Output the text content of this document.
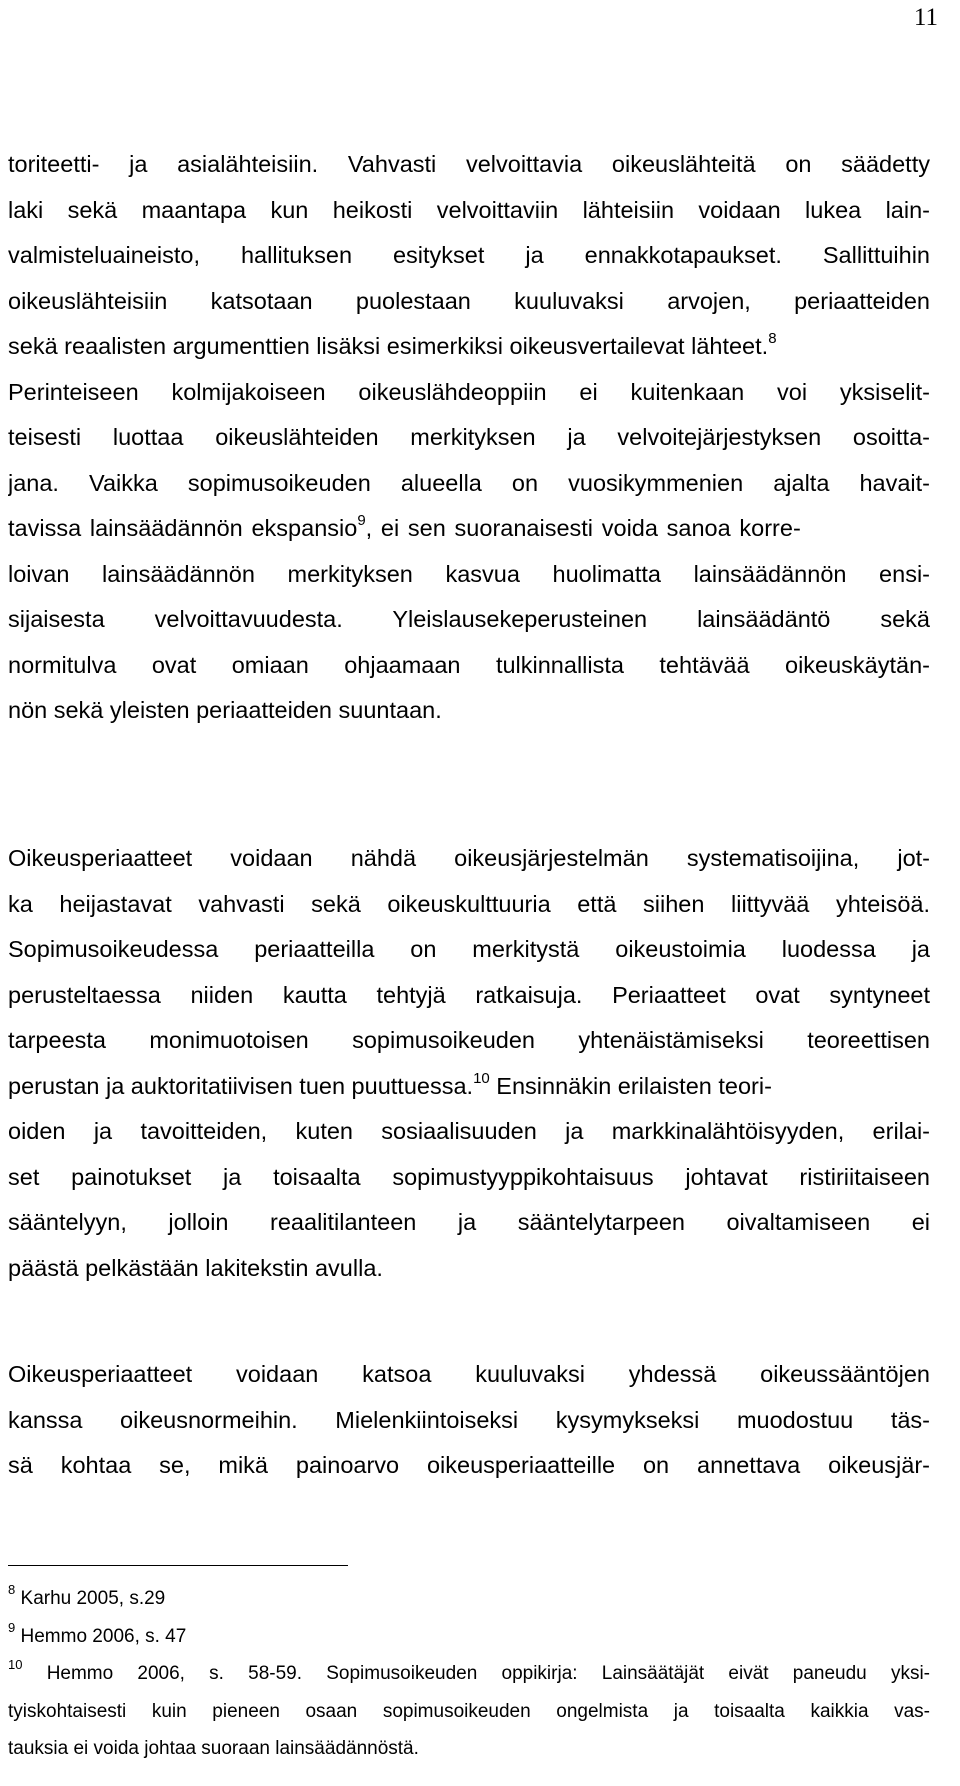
11
toriteetti- ja asialähteisiin. Vahvasti velvoittavia oikeuslähteitä on säädetty
laki sekä maantapa kun heikosti velvoittaviin lähteisiin voidaan lukea lain-
valmisteluaineisto, hallituksen esitykset ja ennakkotapaukset. Sallittuihin
oikeuslähteisiin katsotaan puolestaan kuuluvaksi arvojen, periaatteiden
sekä reaalisten argumenttien lisäksi esimerkiksi oikeusvertailevat lähteet.$^8$
Perinteiseen kolmijakoiseen oikeuslähdeoppiin ei kuitenkaan voi yksiselit-
teisesti luottaa oikeuslähteiden merkityksen ja velvoitejärjestyksen osoitta-
jana. Vaikka sopimusoikeuden alueella on vuosikymmenien ajalta havait-
tavissa lainsäädännön ekspansio$^9$, ei sen suoranaisesti voida sanoa korre-
loivan lainsäädännön merkityksen kasvua huolimatta lainsäädännön ensi-
sijaisesta velvoittavuudesta. Yleislausekeperusteinen lainsäädäntö sekä
normitulva ovat omiaan ohjaamaan tulkinnallista tehtävää oikeuskäytän-
nön sekä yleisten periaatteiden suuntaan.
Oikeusperiaatteet voidaan nähdä oikeusjärjestelmän systematisoijina, jot-
ka heijastavat vahvasti sekä oikeuskulttuuria että siihen liittyvää yhteisöä.
Sopimusoikeudessa periaatteilla on merkitystä oikeustoimia luodessa ja
perusteltaessa niiden kautta tehtyjä ratkaisuja. Periaatteet ovat syntyneet
tarpeesta monimuotoisen sopimusoikeuden yhtenäistämiseksi teoreettisen
perustan ja auktoritatiivisen tuen puuttuessa.$^{10}$ Ensinnäkin erilaisten teori-
oiden ja tavoitteiden, kuten sosiaalisuuden ja markkinalähtöisyyden, erilai-
set painotukset ja toisaalta sopimustyyppikohtaisuus johtavat ristiriitaiseen
sääntelyyn, jolloin reaalitilanteen ja sääntelytarpeen oivaltamiseen ei
päästä pelkästään lakitekstin avulla.
Oikeusperiaatteet voidaan katsoa kuuluvaksi yhdessä oikeussääntöjen
kanssa oikeusnormeihin. Mielenkiintoiseksi kysymykseksi muodostuu täs-
sä kohtaa se, mikä painoarvo oikeusperiaatteille on annettava oikeusjär-
$^8$ Karhu 2005, s.29
$^9$ Hemmo 2006, s. 47
$^{10}$ Hemmo 2006, s. 58-59. Sopimusoikeuden oppikirja: Lainsäätäjät eivät paneudu yksi-
tyiskohtaisesti kuin pieneen osaan sopimusoikeuden ongelmista ja toisaalta kaikkia vas-
tauksia ei voida johtaa suoraan lainsäädännöstä.
